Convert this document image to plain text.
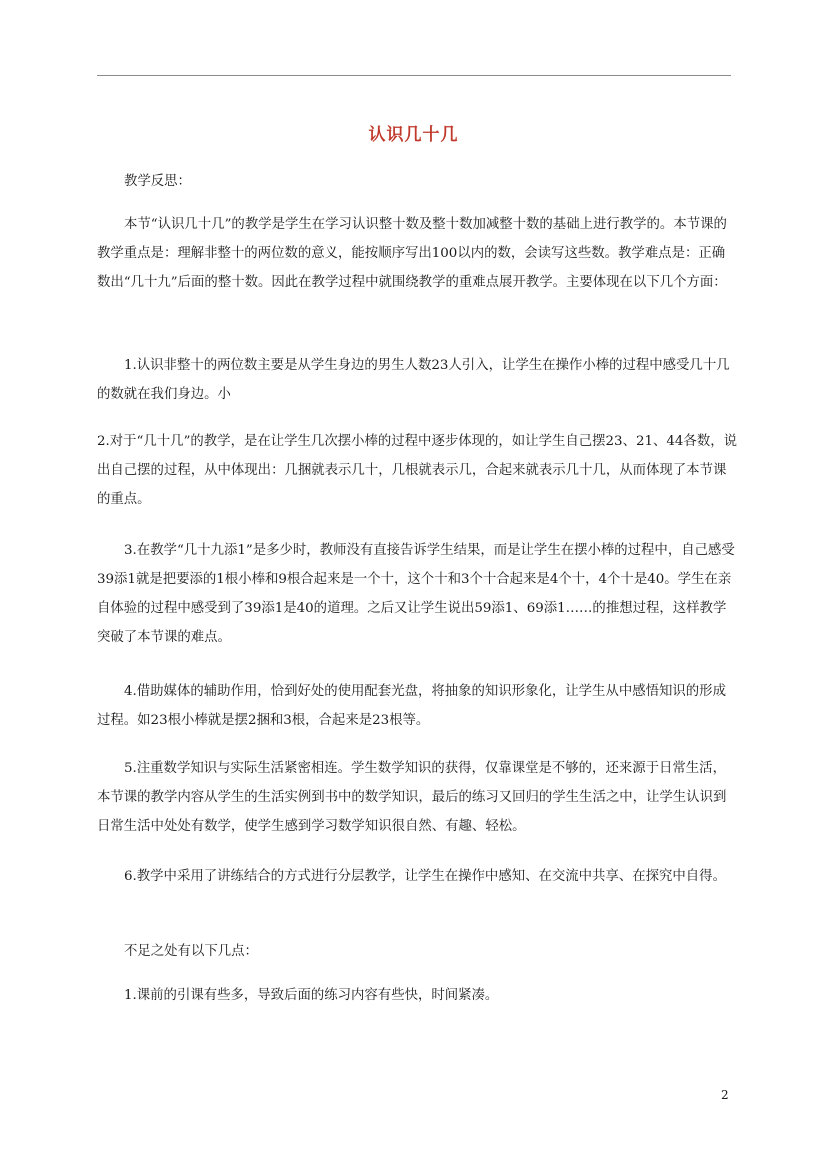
认识几十几

教学反思：

本节“认识几十几”的教学是学生在学习认识整十数及整十数加减整十数的基础上进行教学的。本节课的教学重点是：理解非整十的两位数的意义，能按顺序写出100以内的数，会读写这些数。教学难点是：正确数出“几十九”后面的整十数。因此在教学过程中就围绕教学的重难点展开教学。主要体现在以下几个方面：

1.认识非整十的两位数主要是从学生身边的男生人数23人引入，让学生在操作小棒的过程中感受几十几的数就在我们身边。小

2.对于“几十几”的教学，是在让学生几次摆小棒的过程中逐步体现的，如让学生自己摆23、21、44各数，说出自己摆的过程，从中体现出：几捆就表示几十，几根就表示几，合起来就表示几十几，从而体现了本节课的重点。

3.在教学“几十九添1”是多少时，教师没有直接告诉学生结果，而是让学生在摆小棒的过程中，自己感受39添1就是把要添的1根小棒和9根合起来是一个十，这个十和3个十合起来是4个十，4个十是40。学生在亲自体验的过程中感受到了39添1是40的道理。之后又让学生说出59添1、69添1……的推想过程，这样教学突破了本节课的难点。

4.借助媒体的辅助作用，恰到好处的使用配套光盘，将抽象的知识形象化，让学生从中感悟知识的形成过程。如23根小棒就是摆2捆和3根，合起来是23根等。

5.注重数学知识与实际生活紧密相连。学生数学知识的获得，仅靠课堂是不够的，还来源于日常生活，本节课的教学内容从学生的生活实例到书中的数学知识，最后的练习又回归的学生生活之中，让学生认识到日常生活中处处有数学，使学生感到学习数学知识很自然、有趣、轻松。

6.教学中采用了讲练结合的方式进行分层教学，让学生在操作中感知、在交流中共享、在探究中自得。

不足之处有以下几点：

1.课前的引课有些多，导致后面的练习内容有些快，时间紧凑。

2
